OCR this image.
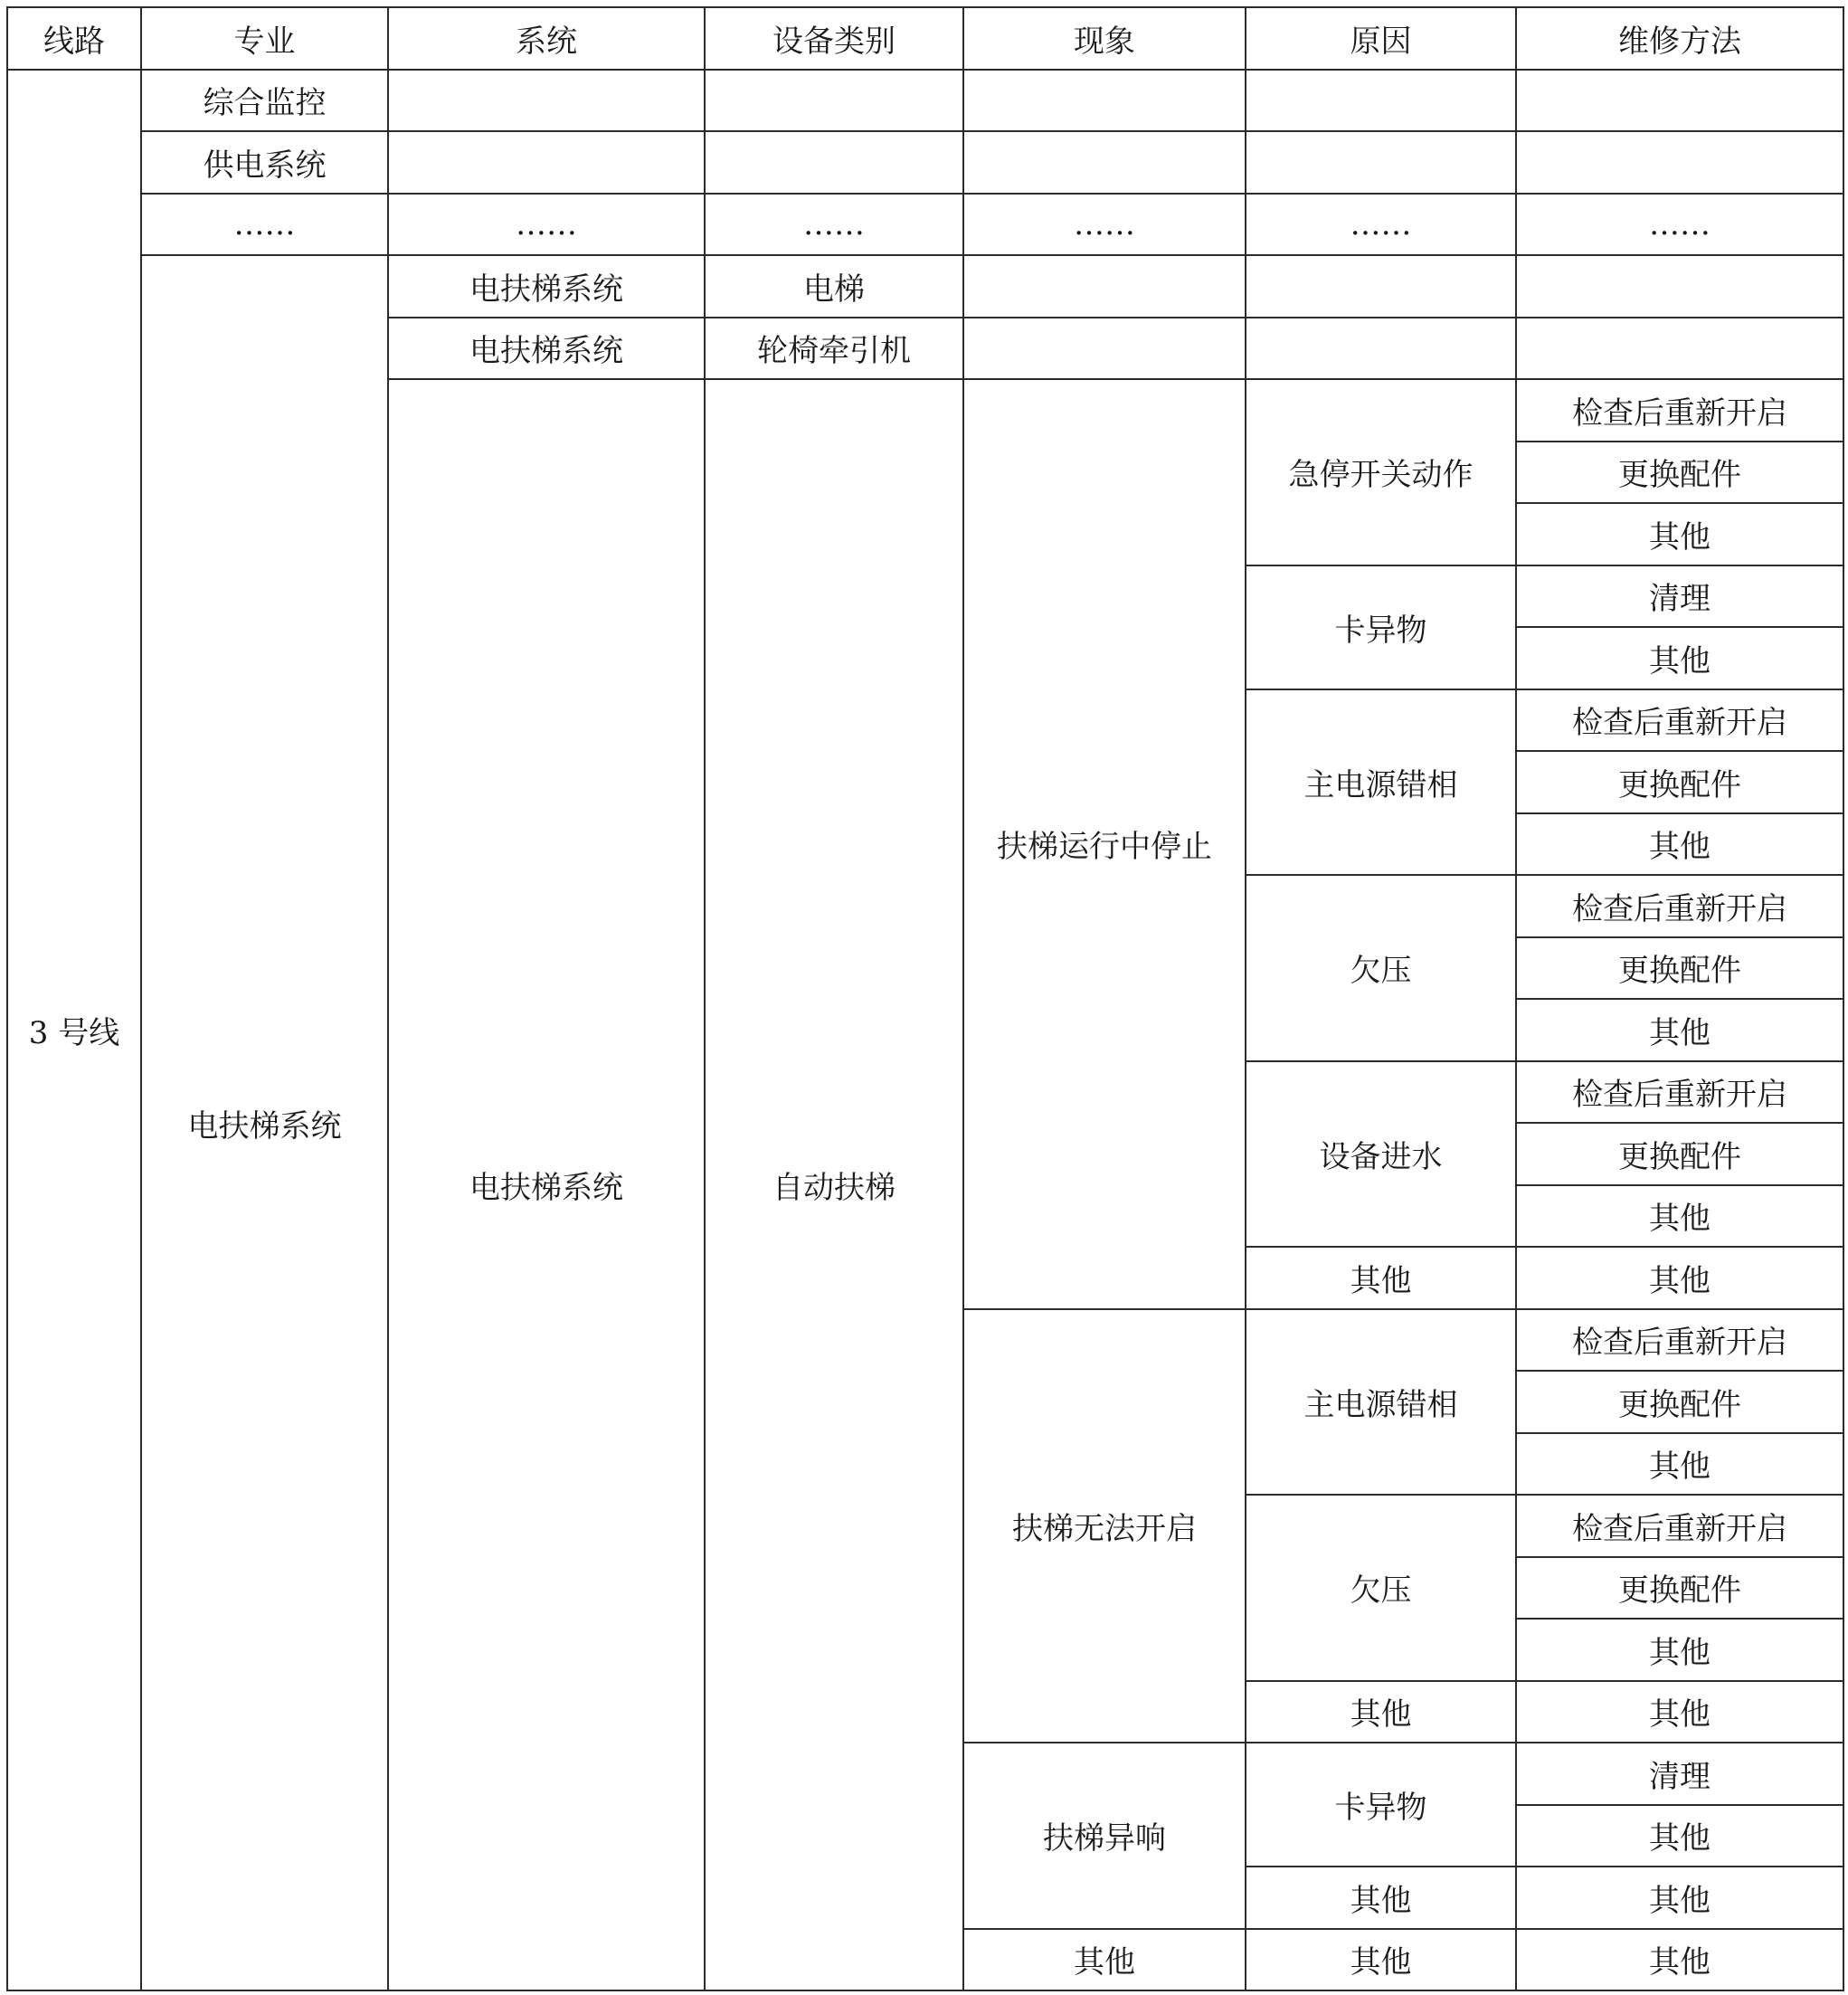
线路	专业	系统	设备类别	现象	原因	维修方法
3 号线	综合监控					
	供电系统					
	……	……	……	……	……	……
	电扶梯系统	电扶梯系统	电梯			
		电扶梯系统	轮椅牵引机			
		电扶梯系统	自动扶梯	扶梯运行中停止	急停开关动作	检查后重新开启
						更换配件
						其他
					卡异物	清理
						其他
					主电源错相	检查后重新开启
						更换配件
						其他
					欠压	检查后重新开启
						更换配件
						其他
					设备进水	检查后重新开启
						更换配件
						其他
					其他	其他
				扶梯无法开启	主电源错相	检查后重新开启
						更换配件
						其他
					欠压	检查后重新开启
						更换配件
						其他
					其他	其他
				扶梯异响	卡异物	清理
						其他
					其他	其他
				其他	其他	其他
